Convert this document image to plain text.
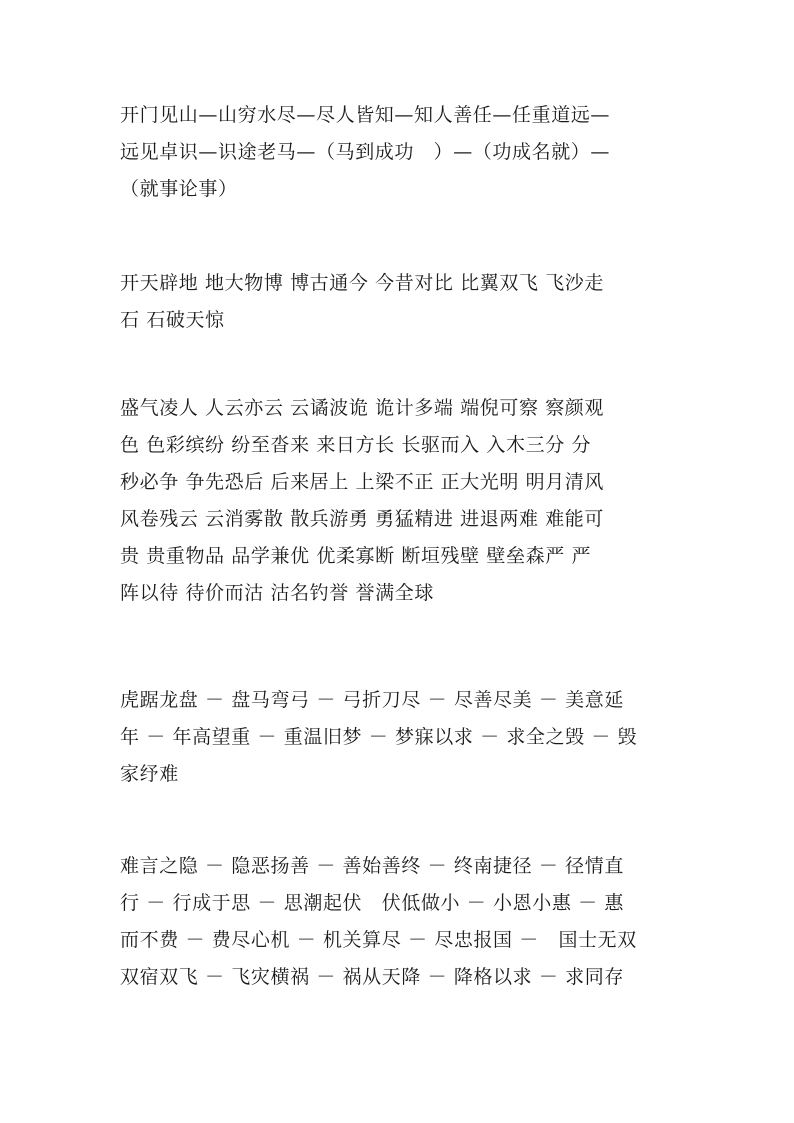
开门见山—山穷水尽—尽人皆知—知人善任—任重道远—
远见卓识—识途老马—（马到成功　）—（功成名就）—
（就事论事）

开天辟地 地大物博 博古通今 今昔对比 比翼双飞 飞沙走
石 石破天惊

盛气凌人 人云亦云 云谲波诡 诡计多端 端倪可察 察颜观
色 色彩缤纷 纷至沓来 来日方长 长驱而入 入木三分 分
秒必争 争先恐后 后来居上 上梁不正 正大光明 明月清风
风卷残云 云消雾散 散兵游勇 勇猛精进 进退两难 难能可
贵 贵重物品 品学兼优 优柔寡断 断垣残壁 壁垒森严 严
阵以待 待价而沽 沽名钓誉 誉满全球

虎踞龙盘 － 盘马弯弓 － 弓折刀尽 － 尽善尽美 － 美意延
年 － 年高望重 － 重温旧梦 － 梦寐以求 － 求全之毁 － 毁
家纾难

难言之隐 － 隐恶扬善 － 善始善终 － 终南捷径 － 径情直
行 － 行成于思 － 思潮起伏　伏低做小 － 小恩小惠 － 惠
而不费 － 费尽心机 － 机关算尽 － 尽忠报国 －　国士无双
双宿双飞 － 飞灾横祸 － 祸从天降 － 降格以求 － 求同存
